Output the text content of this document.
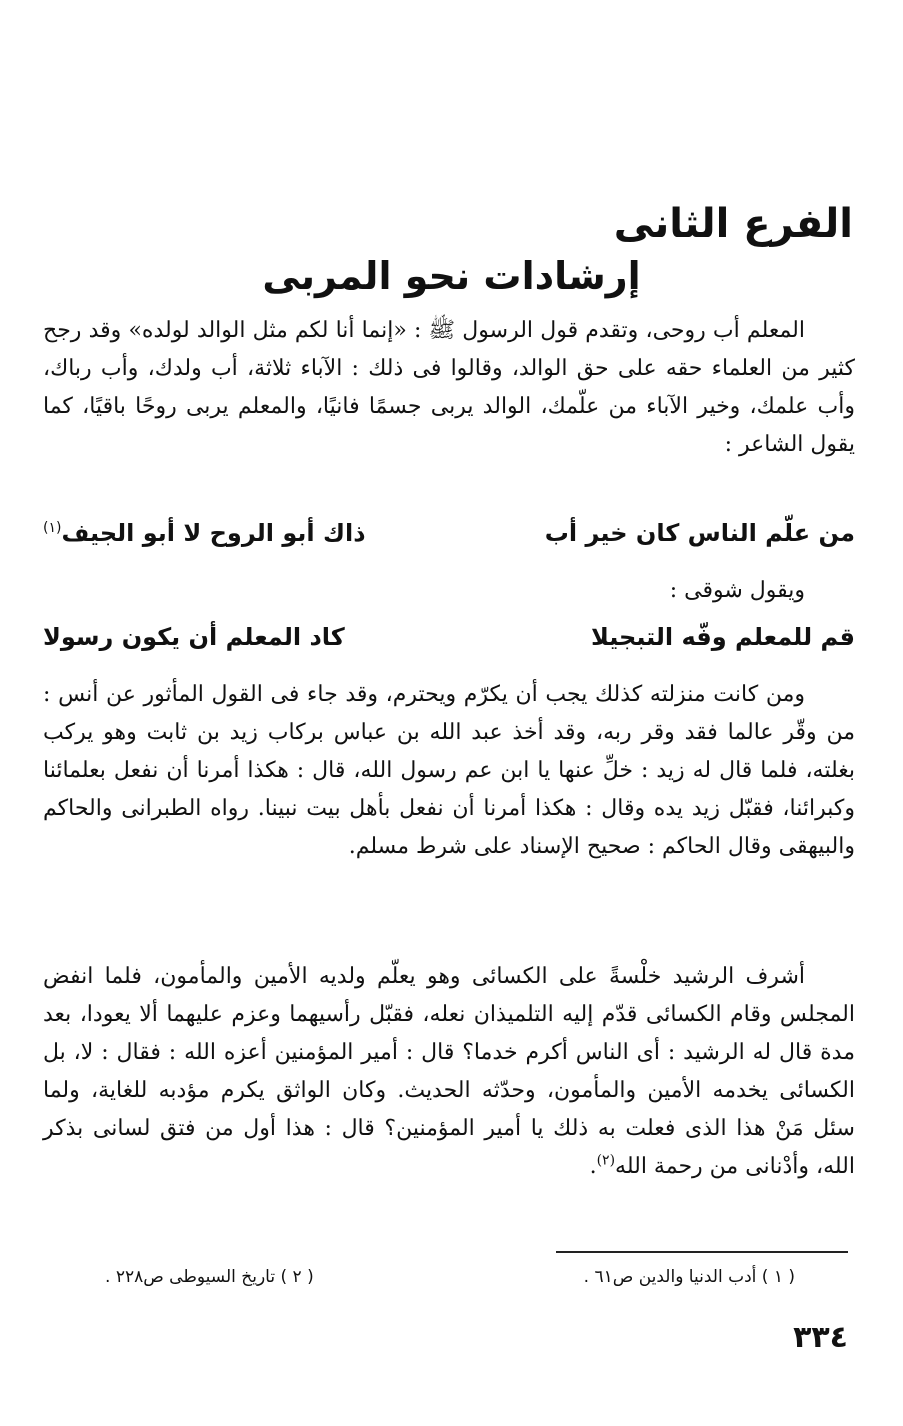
الفرع الثانى
إرشادات نحو المربى

المعلم أب روحى، وتقدم قول الرسول ﷺ : «إنما أنا لكم مثل الوالد لولده» وقد رجح كثير من العلماء حقه على حق الوالد، وقالوا فى ذلك : الآباء ثلاثة، أب ولدك، وأب رباك، وأب علمك، وخير الآباء من علّمك، الوالد يربى جسمًا فانيًا، والمعلم يربى روحًا باقيًا، كما يقول الشاعر :

من علّم الناس كان خير أب
ذاك أبو الروح لا أبو الجيف$^{(١)}$

ويقول شوقى :

قم للمعلم وفّه التبجيلا
كاد المعلم أن يكون رسولا

ومن كانت منزلته كذلك يجب أن يكرّم ويحترم، وقد جاء فى القول المأثور عن أنس : من وقّر عالما فقد وقر ربه، وقد أخذ عبد الله بن عباس بركاب زيد بن ثابت وهو يركب بغلته، فلما قال له زيد : خلِّ عنها يا ابن عم رسول الله، قال : هكذا أمرنا أن نفعل بعلمائنا وكبرائنا، فقبّل زيد يده وقال : هكذا أمرنا أن نفعل بأهل بيت نبينا. رواه الطبرانى والحاكم والبيهقى وقال الحاكم : صحيح الإسناد على شرط مسلم.

أشرف الرشيد خلْسةً على الكسائى وهو يعلّم ولديه الأمين والمأمون، فلما انفض المجلس وقام الكسائى قدّم إليه التلميذان نعله، فقبّل رأسيهما وعزم عليهما ألا يعودا، بعد مدة قال له الرشيد : أى الناس أكرم خدما؟ قال : أمير المؤمنين أعزه الله : فقال : لا، بل الكسائى يخدمه الأمين والمأمون، وحدّثه الحديث. وكان الواثق يكرم مؤدبه للغاية، ولما سئل مَنْ هذا الذى فعلت به ذلك يا أمير المؤمنين؟ قال : هذا أول من فتق لسانى بذكر الله، وأدْنانى من رحمة الله$^{(٢)}$.

( ١ ) أدب الدنيا والدين ص٦١ .
( ٢ ) تاريخ السيوطى ص٢٢٨ .
٣٣٤
